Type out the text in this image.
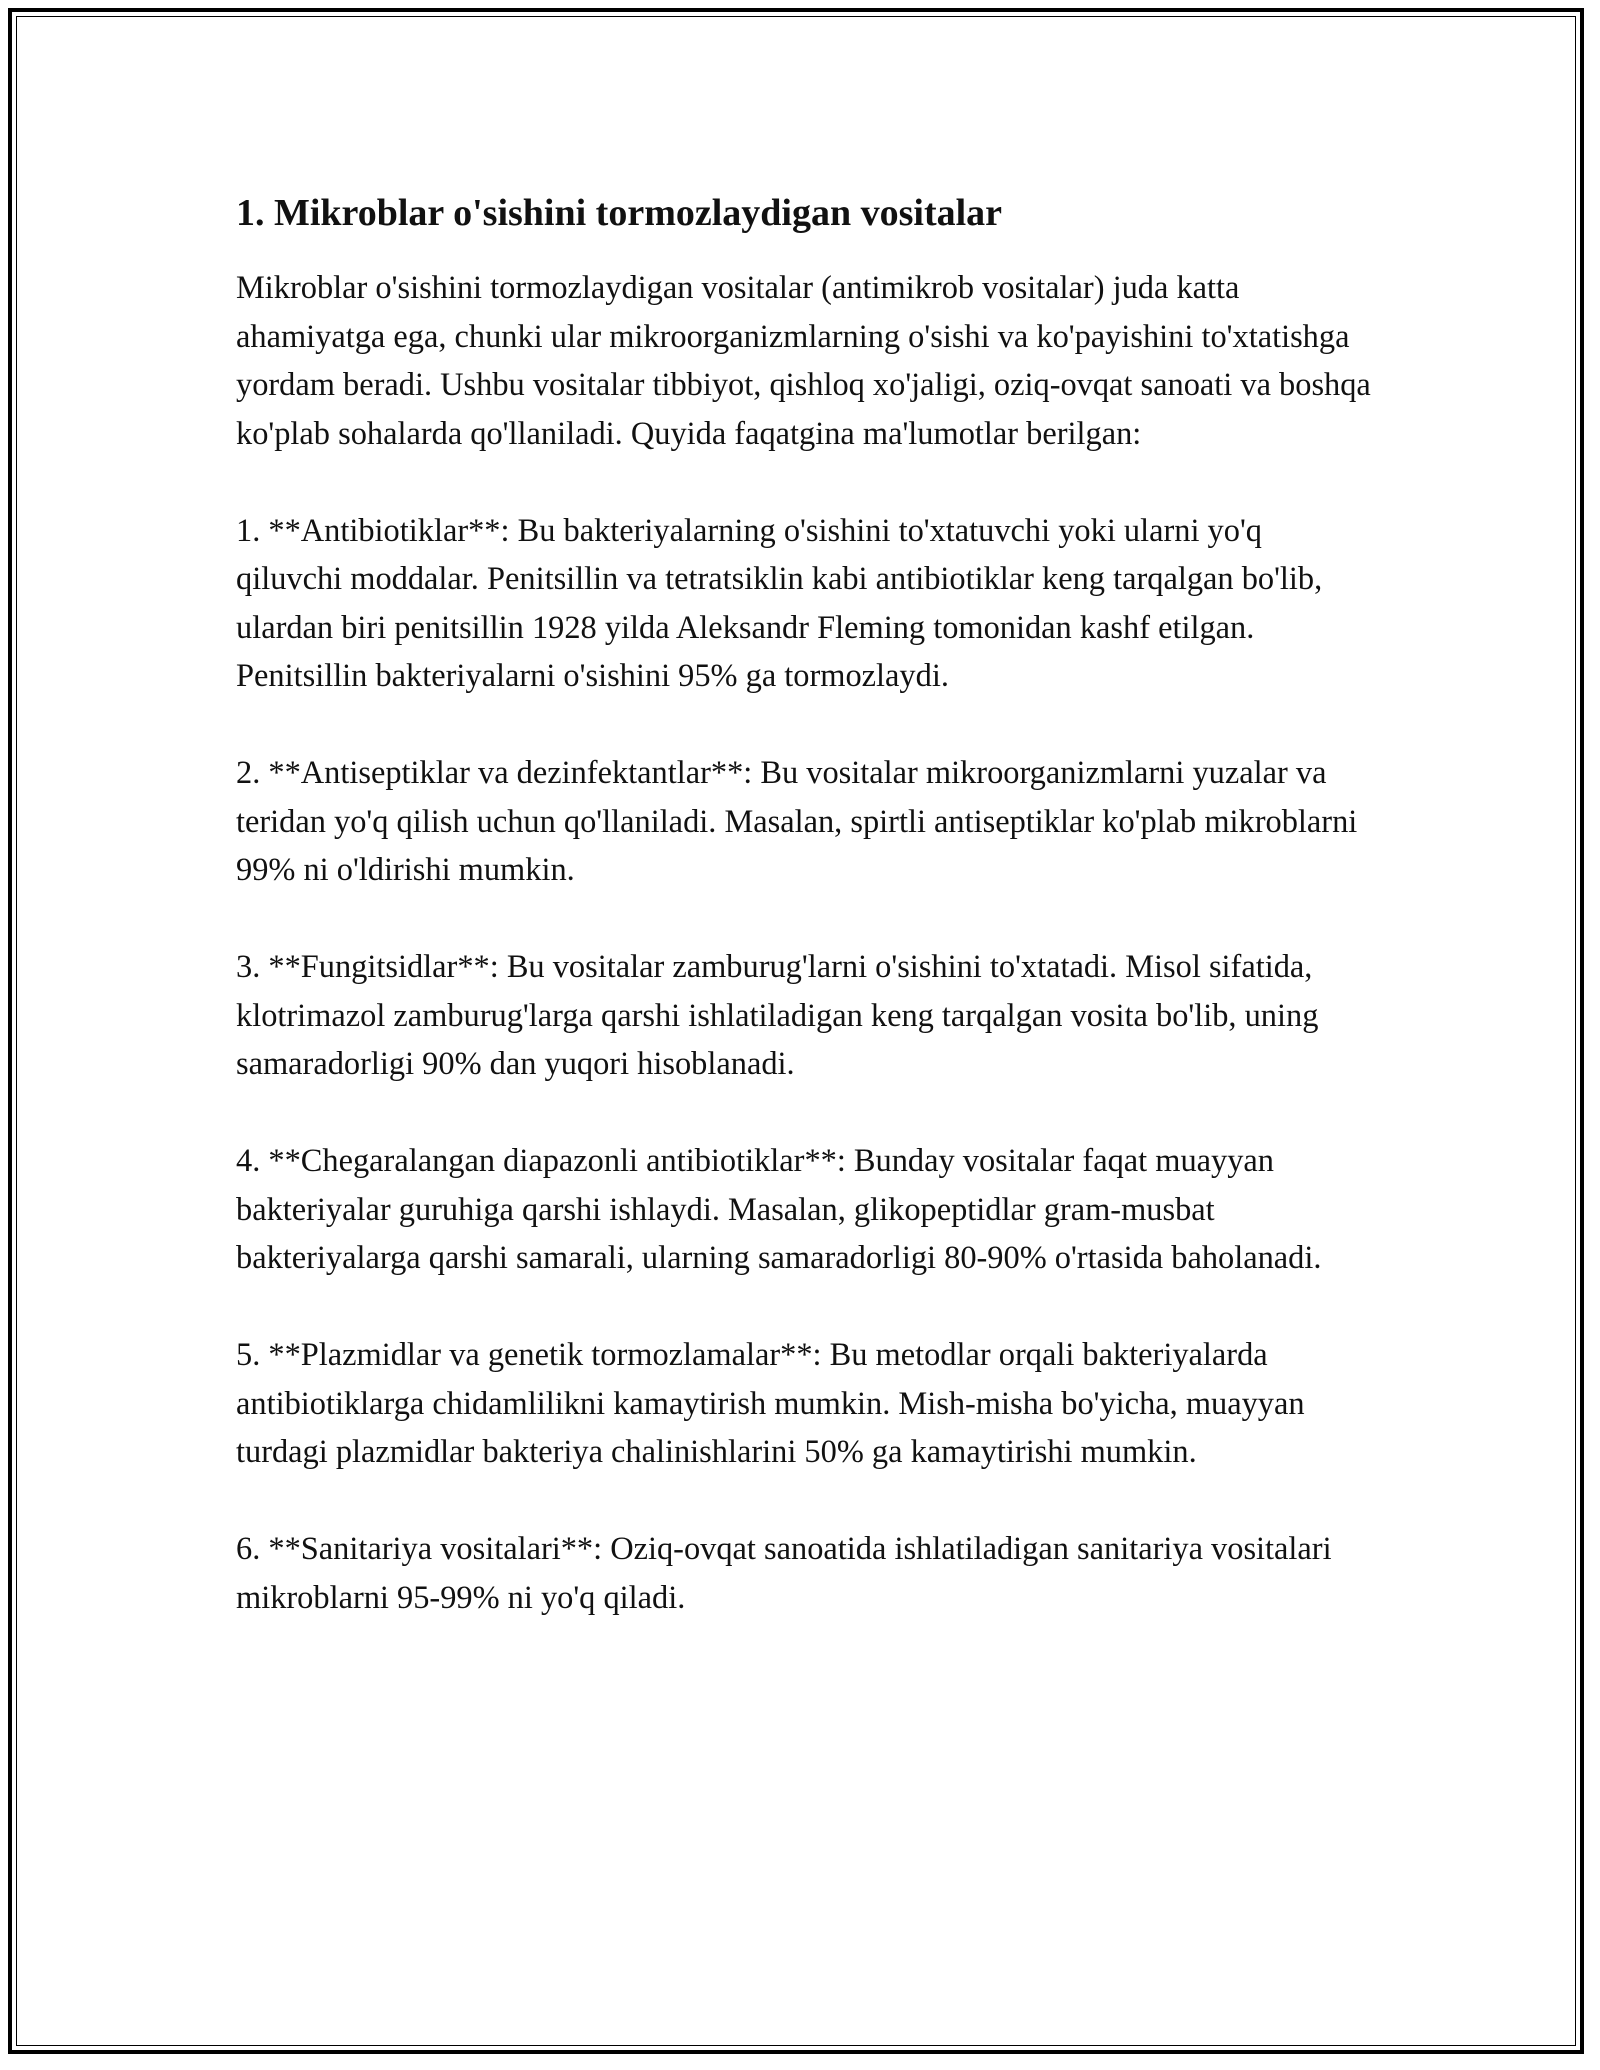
1. Mikroblar o'sishini tormozlaydigan vositalar

Mikroblar o'sishini tormozlaydigan vositalar (antimikrob vositalar) juda katta ahamiyatga ega, chunki ular mikroorganizmlarning o'sishi va ko'payishini to'xtatishga yordam beradi. Ushbu vositalar tibbiyot, qishloq xo'jaligi, oziq-ovqat sanoati va boshqa ko'plab sohalarda qo'llaniladi. Quyida faqatgina ma'lumotlar berilgan:

1. **Antibiotiklar**: Bu bakteriyalarning o'sishini to'xtatuvchi yoki ularni yo'q qiluvchi moddalar. Penitsillin va tetratsiklin kabi antibiotiklar keng tarqalgan bo'lib, ulardan biri penitsillin 1928 yilda Aleksandr Fleming tomonidan kashf etilgan. Penitsillin bakteriyalarni o'sishini 95% ga tormozlaydi.

2. **Antiseptiklar va dezinfektantlar**: Bu vositalar mikroorganizmlarni yuzalar va teridan yo'q qilish uchun qo'llaniladi. Masalan, spirtli antiseptiklar ko'plab mikroblarni 99% ni o'ldirishi mumkin.

3. **Fungitsidlar**: Bu vositalar zamburug'larni o'sishini to'xtatadi. Misol sifatida, klotrimazol zamburug'larga qarshi ishlatiladigan keng tarqalgan vosita bo'lib, uning samaradorligi 90% dan yuqori hisoblanadi.

4. **Chegaralangan diapazonli antibiotiklar**: Bunday vositalar faqat muayyan bakteriyalar guruhiga qarshi ishlaydi. Masalan, glikopeptidlar gram-musbat bakteriyalarga qarshi samarali, ularning samaradorligi 80-90% o'rtasida baholanadi.

5. **Plazmidlar va genetik tormozlamalar**: Bu metodlar orqali bakteriyalarda antibiotiklarga chidamlilikni kamaytirish mumkin. Mish-misha bo'yicha, muayyan turdagi plazmidlar bakteriya chalinishlarini 50% ga kamaytirishi mumkin.

6. **Sanitariya vositalari**: Oziq-ovqat sanoatida ishlatiladigan sanitariya vositalari mikroblarni 95-99% ni yo'q qiladi.
